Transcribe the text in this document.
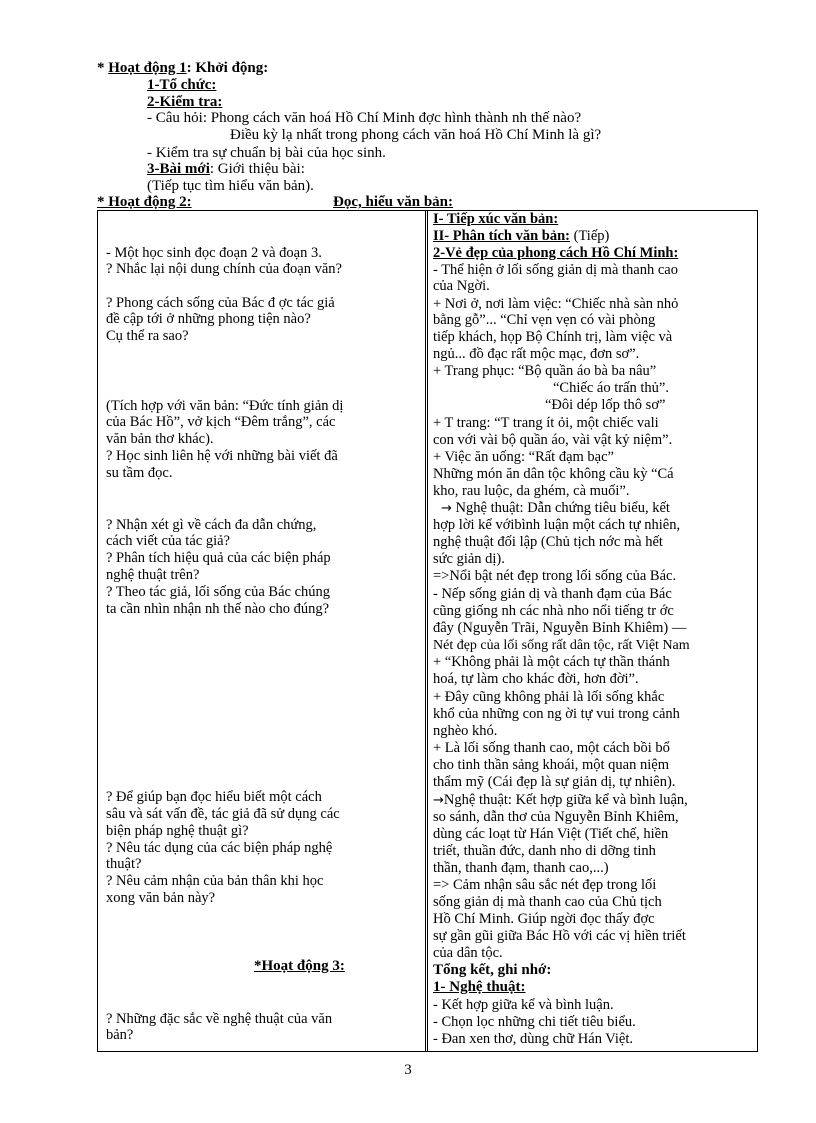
* Hoạt động 1: Khởi động:
1-Tổ chức:
2-Kiểm tra:
- Câu hỏi: Phong cách văn hoá Hồ Chí Minh đợc hình thành nh thế nào?
Điều kỳ lạ nhất trong phong cách văn hoá Hồ Chí Minh là gì?
- Kiểm tra sự chuẩn bị bài của học sinh.
3-Bài mới: Giới thiệu bài:
(Tiếp tục tìm hiểu văn bản).
* Hoạt động 2:	Đọc, hiểu văn bản:
- Một học sinh đọc đoạn 2 và đoạn 3.
? Nhắc lại nội dung chính của đoạn văn?
? Phong cách sống của Bác đ ợc tác giả
đề cập tới ở những phong tiện nào?
Cụ thể ra sao?
(Tích hợp với văn bản: “Đức tính giản dị
của Bác Hồ”, vở kịch “Đêm trắng”, các
văn bản thơ khác).
? Học sinh liên hệ với những bài viết đã
su tầm đọc.
? Nhận xét gì về cách đa dẫn chứng,
cách viết của tác giả?
? Phân tích hiệu quả của các biện pháp
nghệ thuật trên?
? Theo tác giả, lối sống của Bác chúng
ta cần nhìn nhận nh thế nào cho đúng?
? Để giúp bạn đọc hiểu biết một cách
sâu và sát vấn đề, tác giả đã sử dụng các
biện pháp nghệ thuật gì?
? Nêu tác dụng của các biện pháp nghệ
thuật?
? Nêu cảm nhận của bản thân khi học
xong văn bản này?
*Hoạt động 3:
? Những đặc sắc về nghệ thuật của văn
bản?
I- Tiếp xúc văn bản:
II- Phân tích văn bản: (Tiếp)
2-Vẻ đẹp của phong cách Hồ Chí Minh:
- Thể hiện ở lối sống giản dị mà thanh cao
của Ngời.
+ Nơi ở, nơi làm việc: “Chiếc nhà sàn nhỏ
bằng gỗ”... “Chỉ vẹn vẹn có vài phòng
tiếp khách, họp Bộ Chính trị, làm việc và
ngủ... đồ đạc rất mộc mạc, đơn sơ”.
+ Trang phục: “Bộ quần áo bà ba nâu”
“Chiếc áo trấn thủ”.
“Đôi dép lốp thô sơ”
+ T trang: “T trang ít ỏi, một chiếc vali
con với vài bộ quần áo, vài vật kỷ niệm”.
+ Việc ăn uống: “Rất đạm bạc”
Những món ăn dân tộc không cầu kỳ “Cá
kho, rau luộc, da ghém, cà muối”.
→ Nghệ thuật: Dẫn chứng tiêu biểu, kết
hợp lời kể vớibình luận một cách tự nhiên,
nghệ thuật đối lập (Chủ tịch nớc mà hết
sức giản dị).
=>Nổi bật nét đẹp trong lối sống của Bác.
- Nếp sống giản dị và thanh đạm của Bác
cũng giống nh các nhà nho nổi tiếng tr ớc
đây (Nguyễn Trãi, Nguyễn Bỉnh Khiêm) —
Nét đẹp của lối sống rất dân tộc, rất Việt Nam
+ “Không phải là một cách tự thần thánh
hoá, tự làm cho khác đời, hơn đời”.
+ Đây cũng không phải là lối sống khắc
khổ của những con ng ời tự vui trong cảnh
nghèo khó.
+ Là lối sống thanh cao, một cách bồi bổ
cho tinh thần sảng khoái, một quan niệm
thẩm mỹ (Cái đẹp là sự giản dị, tự nhiên).
→Nghệ thuật: Kết hợp giữa kể và bình luận,
so sánh, dẫn thơ của Nguyễn Bỉnh Khiêm,
dùng các loạt từ Hán Việt (Tiết chế, hiền
triết, thuần đức, danh nho di dỡng tinh
thần, thanh đạm, thanh cao,...)
=> Cảm nhận sâu sắc nét đẹp trong lối
sống giản dị mà thanh cao của Chủ tịch
Hồ Chí Minh. Giúp ngời đọc thấy đợc
sự gần gũi giữa Bác Hồ với các vị hiền triết
của dân tộc.
Tổng kết, ghi nhớ:
1- Nghệ thuật:
- Kết hợp giữa kể và bình luận.
- Chọn lọc những chi tiết tiêu biểu.
- Đan xen thơ, dùng chữ Hán Việt.
3
